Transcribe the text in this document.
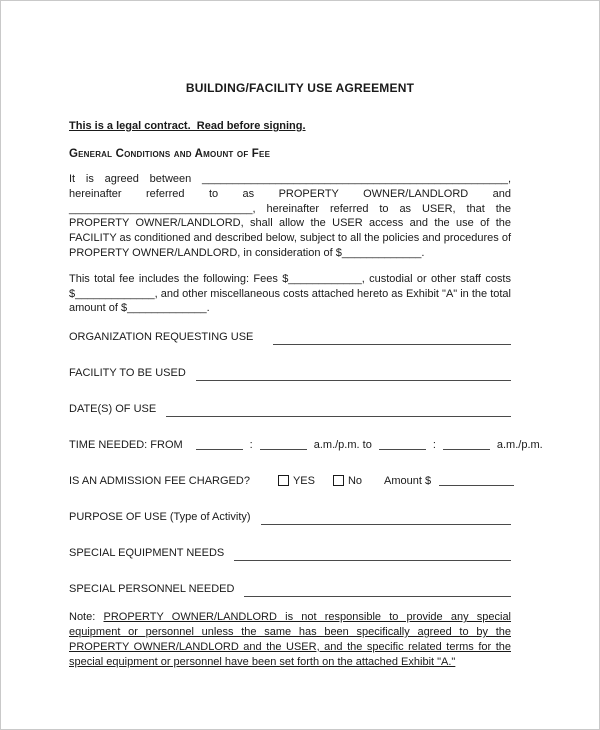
BUILDING/FACILITY USE AGREEMENT

This is a legal contract.  Read before signing.

General Conditions and Amount of Fee

It is agreed between __________________________________________________, hereinafter referred to as PROPERTY OWNER/LANDLORD and ______________________________, hereinafter referred to as USER, that the PROPERTY OWNER/LANDLORD, shall allow the USER access and the use of the FACILITY as conditioned and described below, subject to all the policies and procedures of PROPERTY OWNER/LANDLORD, in consideration of $_____________.

This total fee includes the following: Fees $____________, custodial or other staff costs $_____________, and other miscellaneous costs attached hereto as Exhibit "A" in the total amount of $_____________.

ORGANIZATION REQUESTING USE
FACILITY TO BE USED
DATE(S) OF USE
TIME NEEDED: FROM	:	a.m./p.m. to	:	a.m./p.m.
IS AN ADMISSION FEE CHARGED?	YES	No Amount $
PURPOSE OF USE (Type of Activity)
SPECIAL EQUIPMENT NEEDS
SPECIAL PERSONNEL NEEDED

Note: PROPERTY OWNER/LANDLORD is not responsible to provide any special equipment or personnel unless the same has been specifically agreed to by the PROPERTY OWNER/LANDLORD and the USER, and the specific related terms for the special equipment or personnel have been set forth on the attached Exhibit "A."
